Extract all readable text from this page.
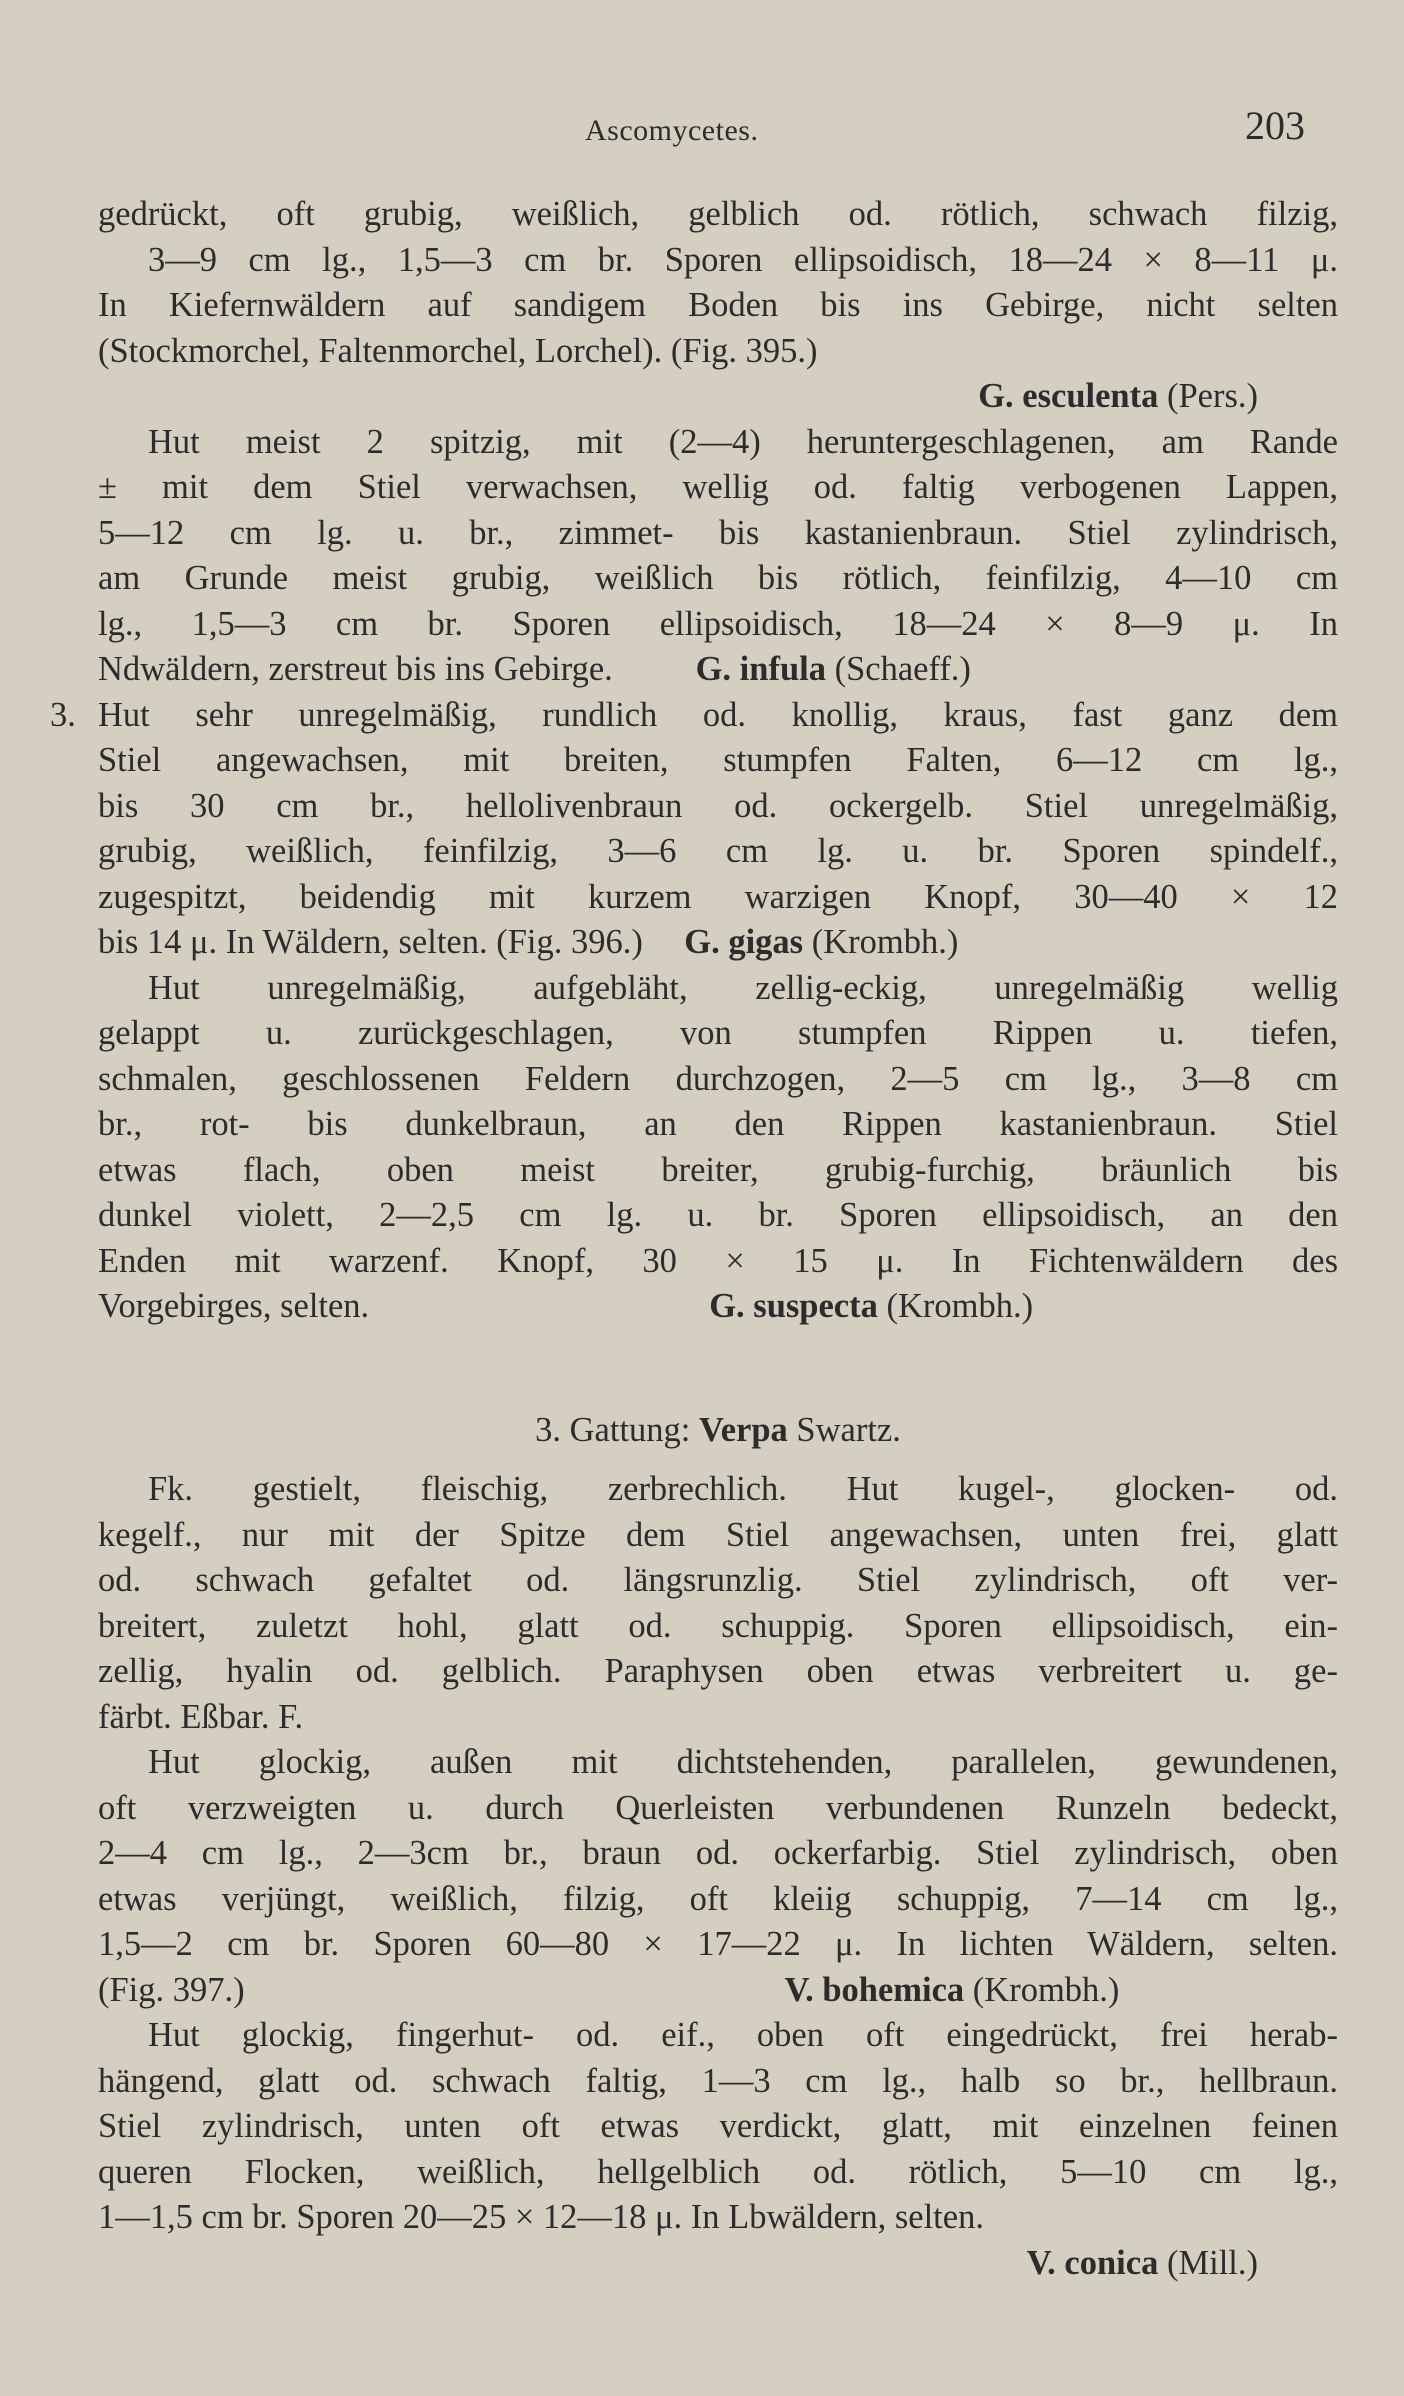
Ascomycetes.	203
gedrückt, oft grubig, weißlich, gelblich od. rötlich, schwach filzig,
3—9 cm lg., 1,5—3 cm br. Sporen ellipsoidisch, 18—24 × 8—11 μ.
In Kiefernwäldern auf sandigem Boden bis ins Gebirge, nicht selten
(Stockmorchel, Faltenmorchel, Lorchel). (Fig. 395.)
G. esculenta (Pers.)
Hut meist 2 spitzig, mit (2—4) heruntergeschlagenen, am Rande
± mit dem Stiel verwachsen, wellig od. faltig verbogenen Lappen,
5—12 cm lg. u. br., zimmet- bis kastanienbraun. Stiel zylindrisch,
am Grunde meist grubig, weißlich bis rötlich, feinfilzig, 4—10 cm
lg., 1,5—3 cm br. Sporen ellipsoidisch, 18—24 × 8—9 μ. In
Ndwäldern, zerstreut bis ins Gebirge. G. infula (Schaeff.)
3. Hut sehr unregelmäßig, rundlich od. knollig, kraus, fast ganz dem
Stiel angewachsen, mit breiten, stumpfen Falten, 6—12 cm lg.,
bis 30 cm br., hellolivenbraun od. ockergelb. Stiel unregelmäßig,
grubig, weißlich, feinfilzig, 3—6 cm lg. u. br. Sporen spindelf.,
zugespitzt, beidendig mit kurzem warzigen Knopf, 30—40 × 12
bis 14 μ. In Wäldern, selten. (Fig. 396.) G. gigas (Krombh.)
Hut unregelmäßig, aufgebläht, zellig-eckig, unregelmäßig wellig
gelappt u. zurückgeschlagen, von stumpfen Rippen u. tiefen,
schmalen, geschlossenen Feldern durchzogen, 2—5 cm lg., 3—8 cm
br., rot- bis dunkelbraun, an den Rippen kastanienbraun. Stiel
etwas flach, oben meist breiter, grubig-furchig, bräunlich bis
dunkel violett, 2—2,5 cm lg. u. br. Sporen ellipsoidisch, an den
Enden mit warzenf. Knopf, 30 × 15 μ. In Fichtenwäldern des
Vorgebirges, selten.	G. suspecta (Krombh.)
3. Gattung: Verpa Swartz.
Fk. gestielt, fleischig, zerbrechlich. Hut kugel-, glocken- od.
kegelf., nur mit der Spitze dem Stiel angewachsen, unten frei, glatt
od. schwach gefaltet od. längsrunzlig. Stiel zylindrisch, oft ver-
breitert, zuletzt hohl, glatt od. schuppig. Sporen ellipsoidisch, ein-
zellig, hyalin od. gelblich. Paraphysen oben etwas verbreitert u. ge-
färbt. Eßbar. F.
Hut glockig, außen mit dichtstehenden, parallelen, gewundenen,
oft verzweigten u. durch Querleisten verbundenen Runzeln bedeckt,
2—4 cm lg., 2—3cm br., braun od. ockerfarbig. Stiel zylindrisch, oben
etwas verjüngt, weißlich, filzig, oft kleiig schuppig, 7—14 cm lg.,
1,5—2 cm br. Sporen 60—80 × 17—22 μ. In lichten Wäldern, selten.
(Fig. 397.)	V. bohemica (Krombh.)
Hut glockig, fingerhut- od. eif., oben oft eingedrückt, frei herab-
hängend, glatt od. schwach faltig, 1—3 cm lg., halb so br., hellbraun.
Stiel zylindrisch, unten oft etwas verdickt, glatt, mit einzelnen feinen
queren Flocken, weißlich, hellgelblich od. rötlich, 5—10 cm lg.,
1—1,5 cm br. Sporen 20—25 × 12—18 μ. In Lbwäldern, selten.
V. conica (Mill.)
